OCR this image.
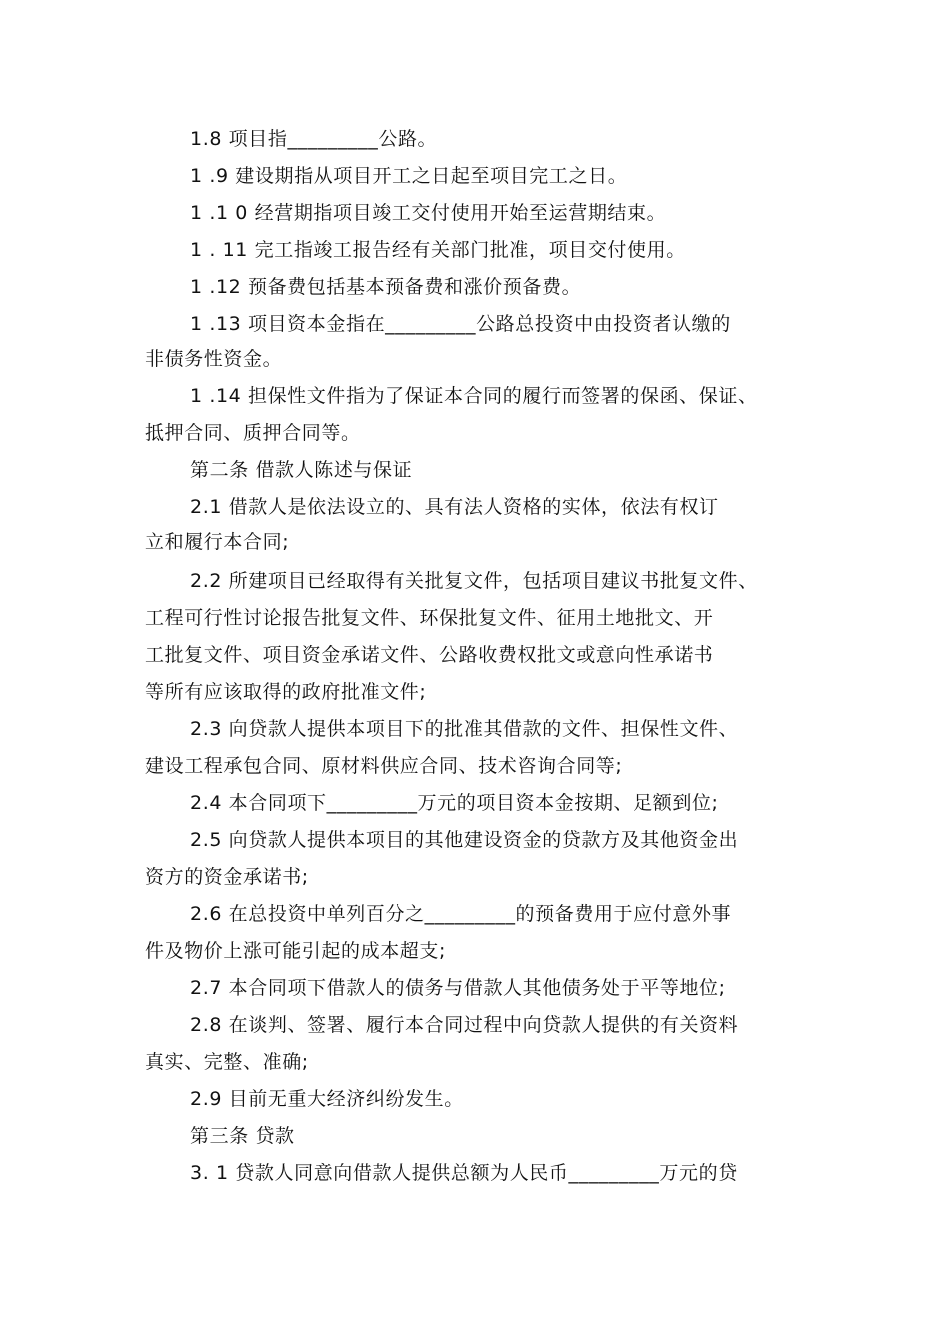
1.8 项目指_________公路。
1 .9 建设期指从项目开工之日起至项目完工之日。
1 .1 0 经营期指项目竣工交付使用开始至运营期结束。
1 . 11 完工指竣工报告经有关部门批准，项目交付使用。
1 .12 预备费包括基本预备费和涨价预备费。
1 .13 项目资本金指在_________公路总投资中由投资者认缴的
非债务性资金。
1 .14 担保性文件指为了保证本合同的履行而签署的保函、保证、
抵押合同、质押合同等。
第二条 借款人陈述与保证
2.1 借款人是依法设立的、具有法人资格的实体，依法有权订
立和履行本合同;
2.2 所建项目已经取得有关批复文件，包括项目建议书批复文件、
工程可行性讨论报告批复文件、环保批复文件、征用土地批文、开
工批复文件、项目资金承诺文件、公路收费权批文或意向性承诺书
等所有应该取得的政府批准文件;
2.3 向贷款人提供本项目下的批准其借款的文件、担保性文件、
建设工程承包合同、原材料供应合同、技术咨询合同等;
2.4 本合同项下_________万元的项目资本金按期、足额到位;
2.5 向贷款人提供本项目的其他建设资金的贷款方及其他资金出
资方的资金承诺书;
2.6 在总投资中单列百分之_________的预备费用于应付意外事
件及物价上涨可能引起的成本超支;
2.7 本合同项下借款人的债务与借款人其他债务处于平等地位;
2.8 在谈判、签署、履行本合同过程中向贷款人提供的有关资料
真实、完整、准确;
2.9 目前无重大经济纠纷发生。
第三条 贷款
3. 1 贷款人同意向借款人提供总额为人民币_________万元的贷
